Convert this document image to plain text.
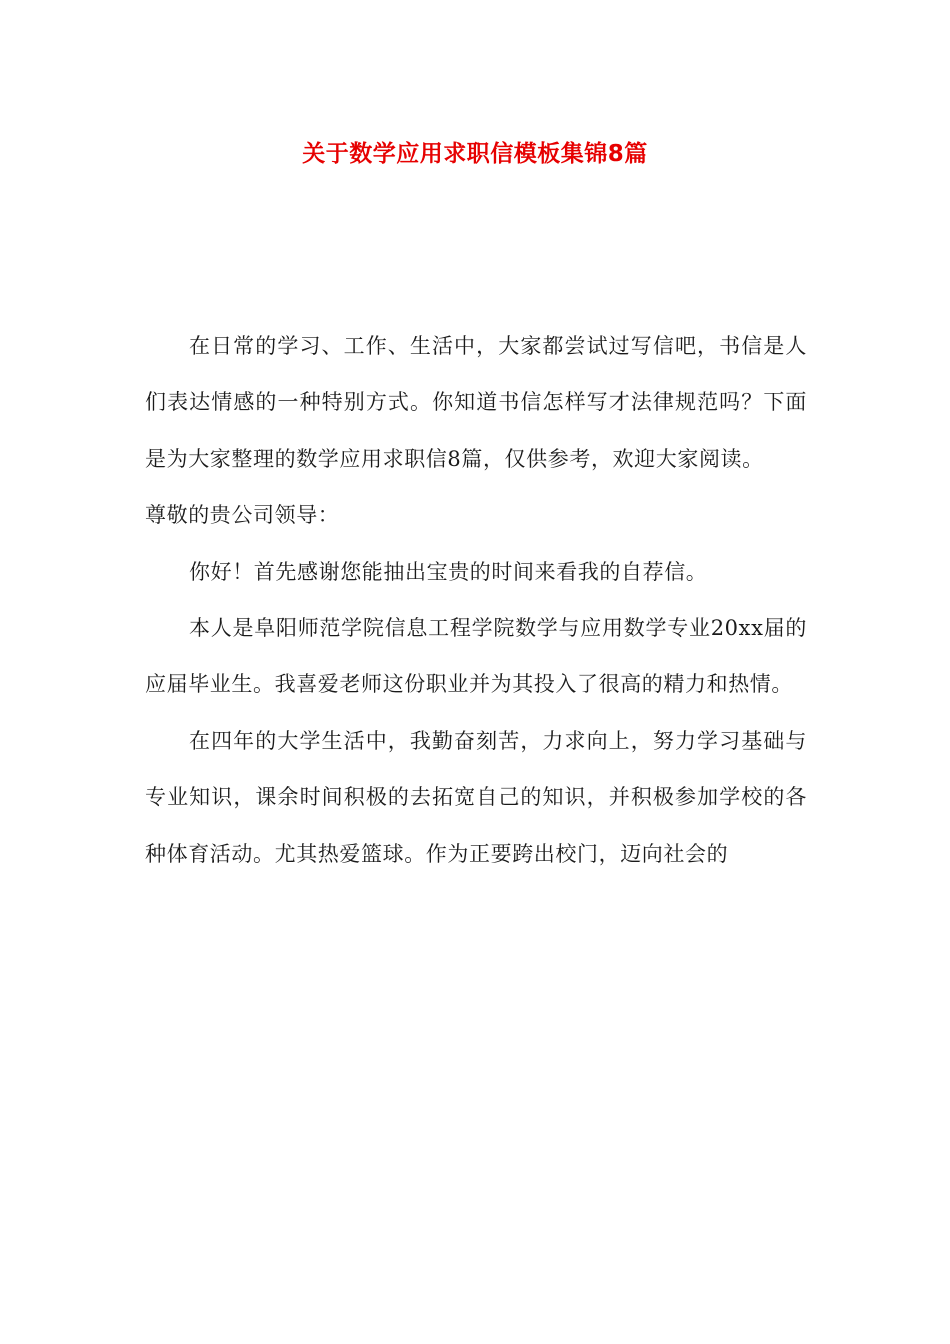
关于数学应用求职信模板集锦8篇

在日常的学习、工作、生活中，大家都尝试过写信吧，书信是人们表达情感的一种特别方式。你知道书信怎样写才法律规范吗？下面是为大家整理的数学应用求职信8篇，仅供参考，欢迎大家阅读。

尊敬的贵公司领导：

你好！首先感谢您能抽出宝贵的时间来看我的自荐信。

本人是阜阳师范学院信息工程学院数学与应用数学专业20xx届的应届毕业生。我喜爱老师这份职业并为其投入了很高的精力和热情。

在四年的大学生活中，我勤奋刻苦，力求向上，努力学习基础与专业知识，课余时间积极的去拓宽自己的知识，并积极参加学校的各种体育活动。尤其热爱篮球。作为正要跨出校门，迈向社会的
